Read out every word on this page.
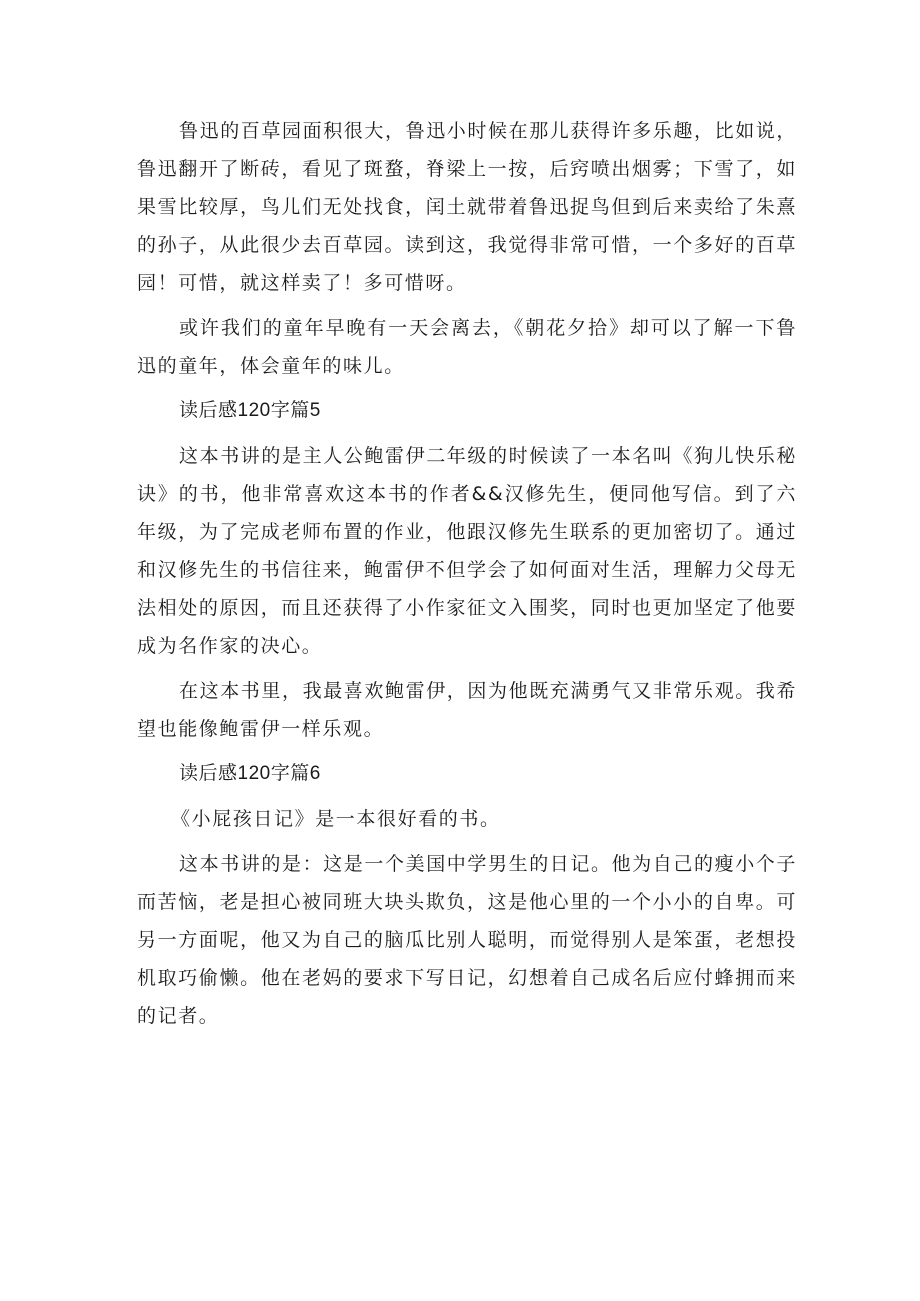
鲁迅的百草园面积很大，鲁迅小时候在那儿获得许多乐趣，比如说，鲁迅翻开了断砖，看见了斑蝥，脊梁上一按，后窍喷出烟雾；下雪了，如果雪比较厚，鸟儿们无处找食，闰土就带着鲁迅捉鸟但到后来卖给了朱熹的孙子，从此很少去百草园。读到这，我觉得非常可惜，一个多好的百草园！可惜，就这样卖了！多可惜呀。

或许我们的童年早晚有一天会离去，《朝花夕拾》却可以了解一下鲁迅的童年，体会童年的味儿。

读后感120字篇5

这本书讲的是主人公鲍雷伊二年级的时候读了一本名叫《狗儿快乐秘诀》的书，他非常喜欢这本书的作者&&汉修先生，便同他写信。到了六年级，为了完成老师布置的作业，他跟汉修先生联系的更加密切了。通过和汉修先生的书信往来，鲍雷伊不但学会了如何面对生活，理解力父母无法相处的原因，而且还获得了小作家征文入围奖，同时也更加坚定了他要成为名作家的决心。

在这本书里，我最喜欢鲍雷伊，因为他既充满勇气又非常乐观。我希望也能像鲍雷伊一样乐观。

读后感120字篇6

《小屁孩日记》是一本很好看的书。

这本书讲的是：这是一个美国中学男生的日记。他为自己的瘦小个子而苦恼，老是担心被同班大块头欺负，这是他心里的一个小小的自卑。可另一方面呢，他又为自己的脑瓜比别人聪明，而觉得别人是笨蛋，老想投机取巧偷懒。他在老妈的要求下写日记，幻想着自己成名后应付蜂拥而来的记者。
